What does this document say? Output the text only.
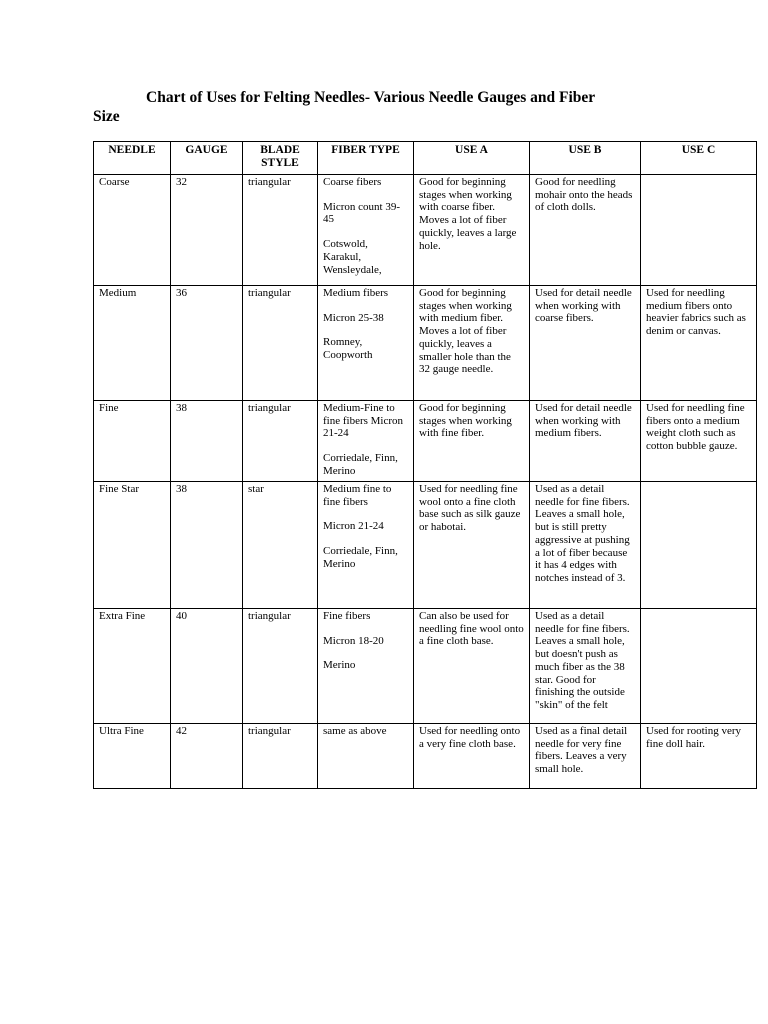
Chart of Uses for Felting Needles- Various Needle Gauges and Fiber
Size
NEEDLE	GAUGE	BLADE STYLE	FIBER TYPE	USE A	USE B	USE C
Coarse	32	triangular	Coarse fibers
Micron count 39-45
Cotswold, Karakul, Wensleydale,	Good for beginning stages when working with coarse fiber. Moves a lot of fiber quickly, leaves a large hole.	Good for needling mohair onto the heads of cloth dolls.	
Medium	36	triangular	Medium fibers
Micron 25-38
Romney, Coopworth	Good for beginning stages when working with medium fiber. Moves a lot of fiber quickly, leaves a smaller hole than the 32 gauge needle.	Used for detail needle when working with coarse fibers.	Used for needling medium fibers onto heavier fabrics such as denim or canvas.
Fine	38	triangular	Medium-Fine to fine fibers Micron 21-24
Corriedale, Finn, Merino	Good for beginning stages when working with fine fiber.	Used for detail needle when working with medium fibers.	Used for needling fine fibers onto a medium weight cloth such as cotton bubble gauze.
Fine Star	38	star	Medium fine to fine fibers
Micron 21-24
Corriedale, Finn, Merino	Used for needling fine wool onto a fine cloth base such as silk gauze or habotai.	Used as a detail needle for fine fibers. Leaves a small hole, but is still pretty aggressive at pushing a lot of fiber because it has 4 edges with notches instead of 3.	
Extra Fine	40	triangular	Fine fibers
Micron 18-20
Merino	Can also be used for needling fine wool onto a fine cloth base.	Used as a detail needle for fine fibers. Leaves a small hole, but doesn't push as much fiber as the 38 star. Good for finishing the outside "skin" of the felt	
Ultra Fine	42	triangular	same as above	Used for needling onto a very fine cloth base.	Used as a final detail needle for very fine fibers. Leaves a very small hole.	Used for rooting very fine doll hair.
